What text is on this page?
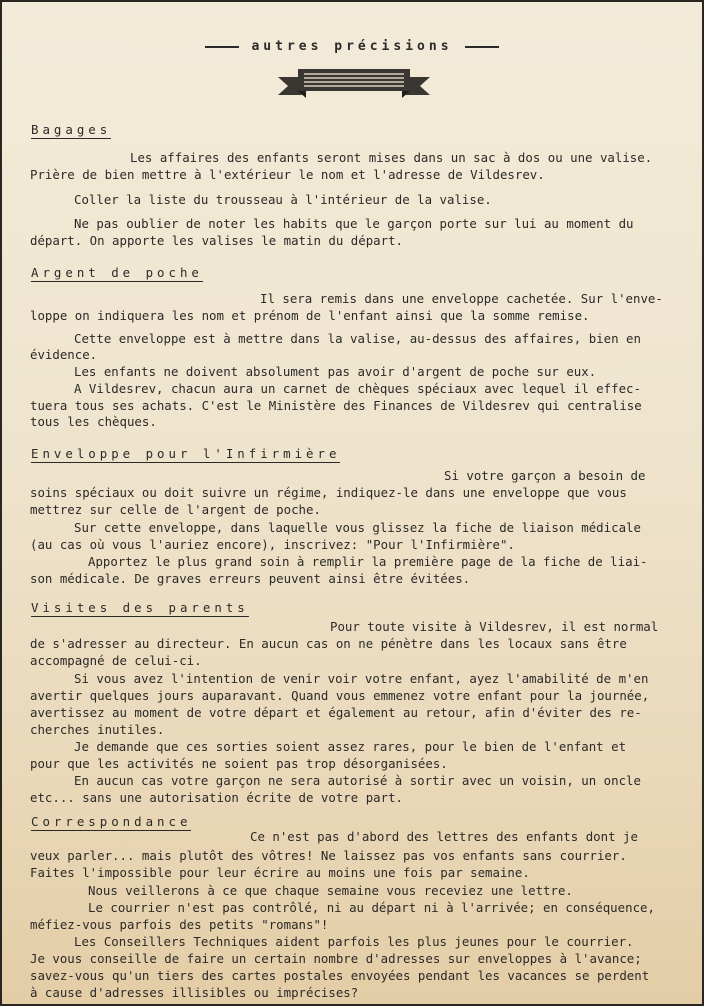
autres précisions
Bagages

Les affaires des enfants seront mises dans un sac à dos ou une valise.

Prière de bien mettre à l'extérieur le nom et l'adresse de Vildesrev.

Coller la liste du trousseau à l'intérieur de la valise.

Ne pas oublier de noter les habits que le garçon porte sur lui au moment du

départ. On apporte les valises le matin du départ.

Argent de poche

Il sera remis dans une enveloppe cachetée. Sur l'enve-

loppe on indiquera les nom et prénom de l'enfant ainsi que la somme remise.

Cette enveloppe est à mettre dans la valise, au-dessus des affaires, bien en

évidence.

Les enfants ne doivent absolument pas avoir d'argent de poche sur eux.

A Vildesrev, chacun aura un carnet de chèques spéciaux avec lequel il effec-

tuera tous ses achats. C'est le Ministère des Finances de Vildesrev qui centralise

tous les chèques.

Enveloppe pour l'Infirmière

Si votre garçon a besoin de

soins spéciaux ou doit suivre un régime, indiquez-le dans une enveloppe que vous

mettrez sur celle de l'argent de poche.

Sur cette enveloppe, dans laquelle vous glissez la fiche de liaison médicale

(au cas où vous l'auriez encore), inscrivez: "Pour l'Infirmière".

Apportez le plus grand soin à remplir la première page de la fiche de liai-

son médicale. De graves erreurs peuvent ainsi être évitées.

Visites des parents

Pour toute visite à Vildesrev, il est normal

de s'adresser au directeur. En aucun cas on ne pénètre dans les locaux sans être

accompagné de celui-ci.

Si vous avez l'intention de venir voir votre enfant, ayez l'amabilité de m'en

avertir quelques jours auparavant. Quand vous emmenez votre enfant pour la journée,

avertissez au moment de votre départ et également au retour, afin d'éviter des re-

cherches inutiles.

Je demande que ces sorties soient assez rares, pour le bien de l'enfant et

pour que les activités ne soient pas trop désorganisées.

En aucun cas votre garçon ne sera autorisé à sortir avec un voisin, un oncle

etc... sans une autorisation écrite de votre part.

Correspondance

Ce n'est pas d'abord des lettres des enfants dont je

veux parler... mais plutôt des vôtres! Ne laissez pas vos enfants sans courrier.

Faites l'impossible pour leur écrire au moins une fois par semaine.

Nous veillerons à ce que chaque semaine vous receviez une lettre.

Le courrier n'est pas contrôlé, ni au départ ni à l'arrivée; en conséquence,

méfiez-vous parfois des petits "romans"!

Les Conseillers Techniques aident parfois les plus jeunes pour le courrier.

Je vous conseille de faire un certain nombre d'adresses sur enveloppes à l'avance;

savez-vous qu'un tiers des cartes postales envoyées pendant les vacances se perdent

à cause d'adresses illisibles ou imprécises?
